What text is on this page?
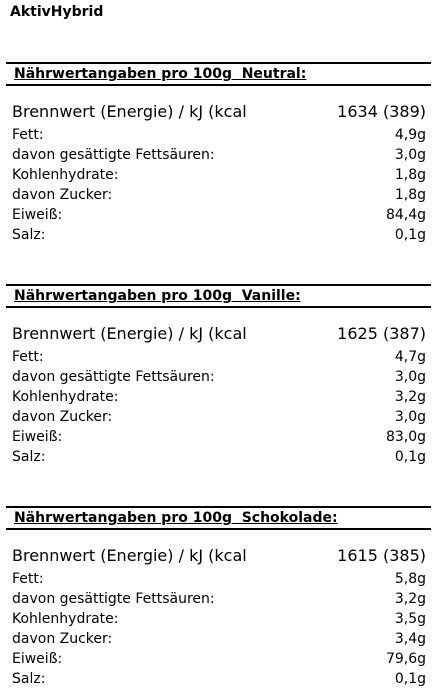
AktivHybrid
Nährwertangaben pro 100g  Neutral:
Brennwert (Energie) / kJ (kcal	1634 (389)
Fett:	4,9g
davon gesättigte Fettsäuren:	3,0g
Kohlenhydrate:	1,8g
davon Zucker:	1,8g
Eiweiß:	84,4g
Salz:	0,1g
Nährwertangaben pro 100g  Vanille:
Brennwert (Energie) / kJ (kcal	1625 (387)
Fett:	4,7g
davon gesättigte Fettsäuren:	3,0g
Kohlenhydrate:	3,2g
davon Zucker:	3,0g
Eiweiß:	83,0g
Salz:	0,1g
Nährwertangaben pro 100g  Schokolade:
Brennwert (Energie) / kJ (kcal	1615 (385)
Fett:	5,8g
davon gesättigte Fettsäuren:	3,2g
Kohlenhydrate:	3,5g
davon Zucker:	3,4g
Eiweiß:	79,6g
Salz:	0,1g
